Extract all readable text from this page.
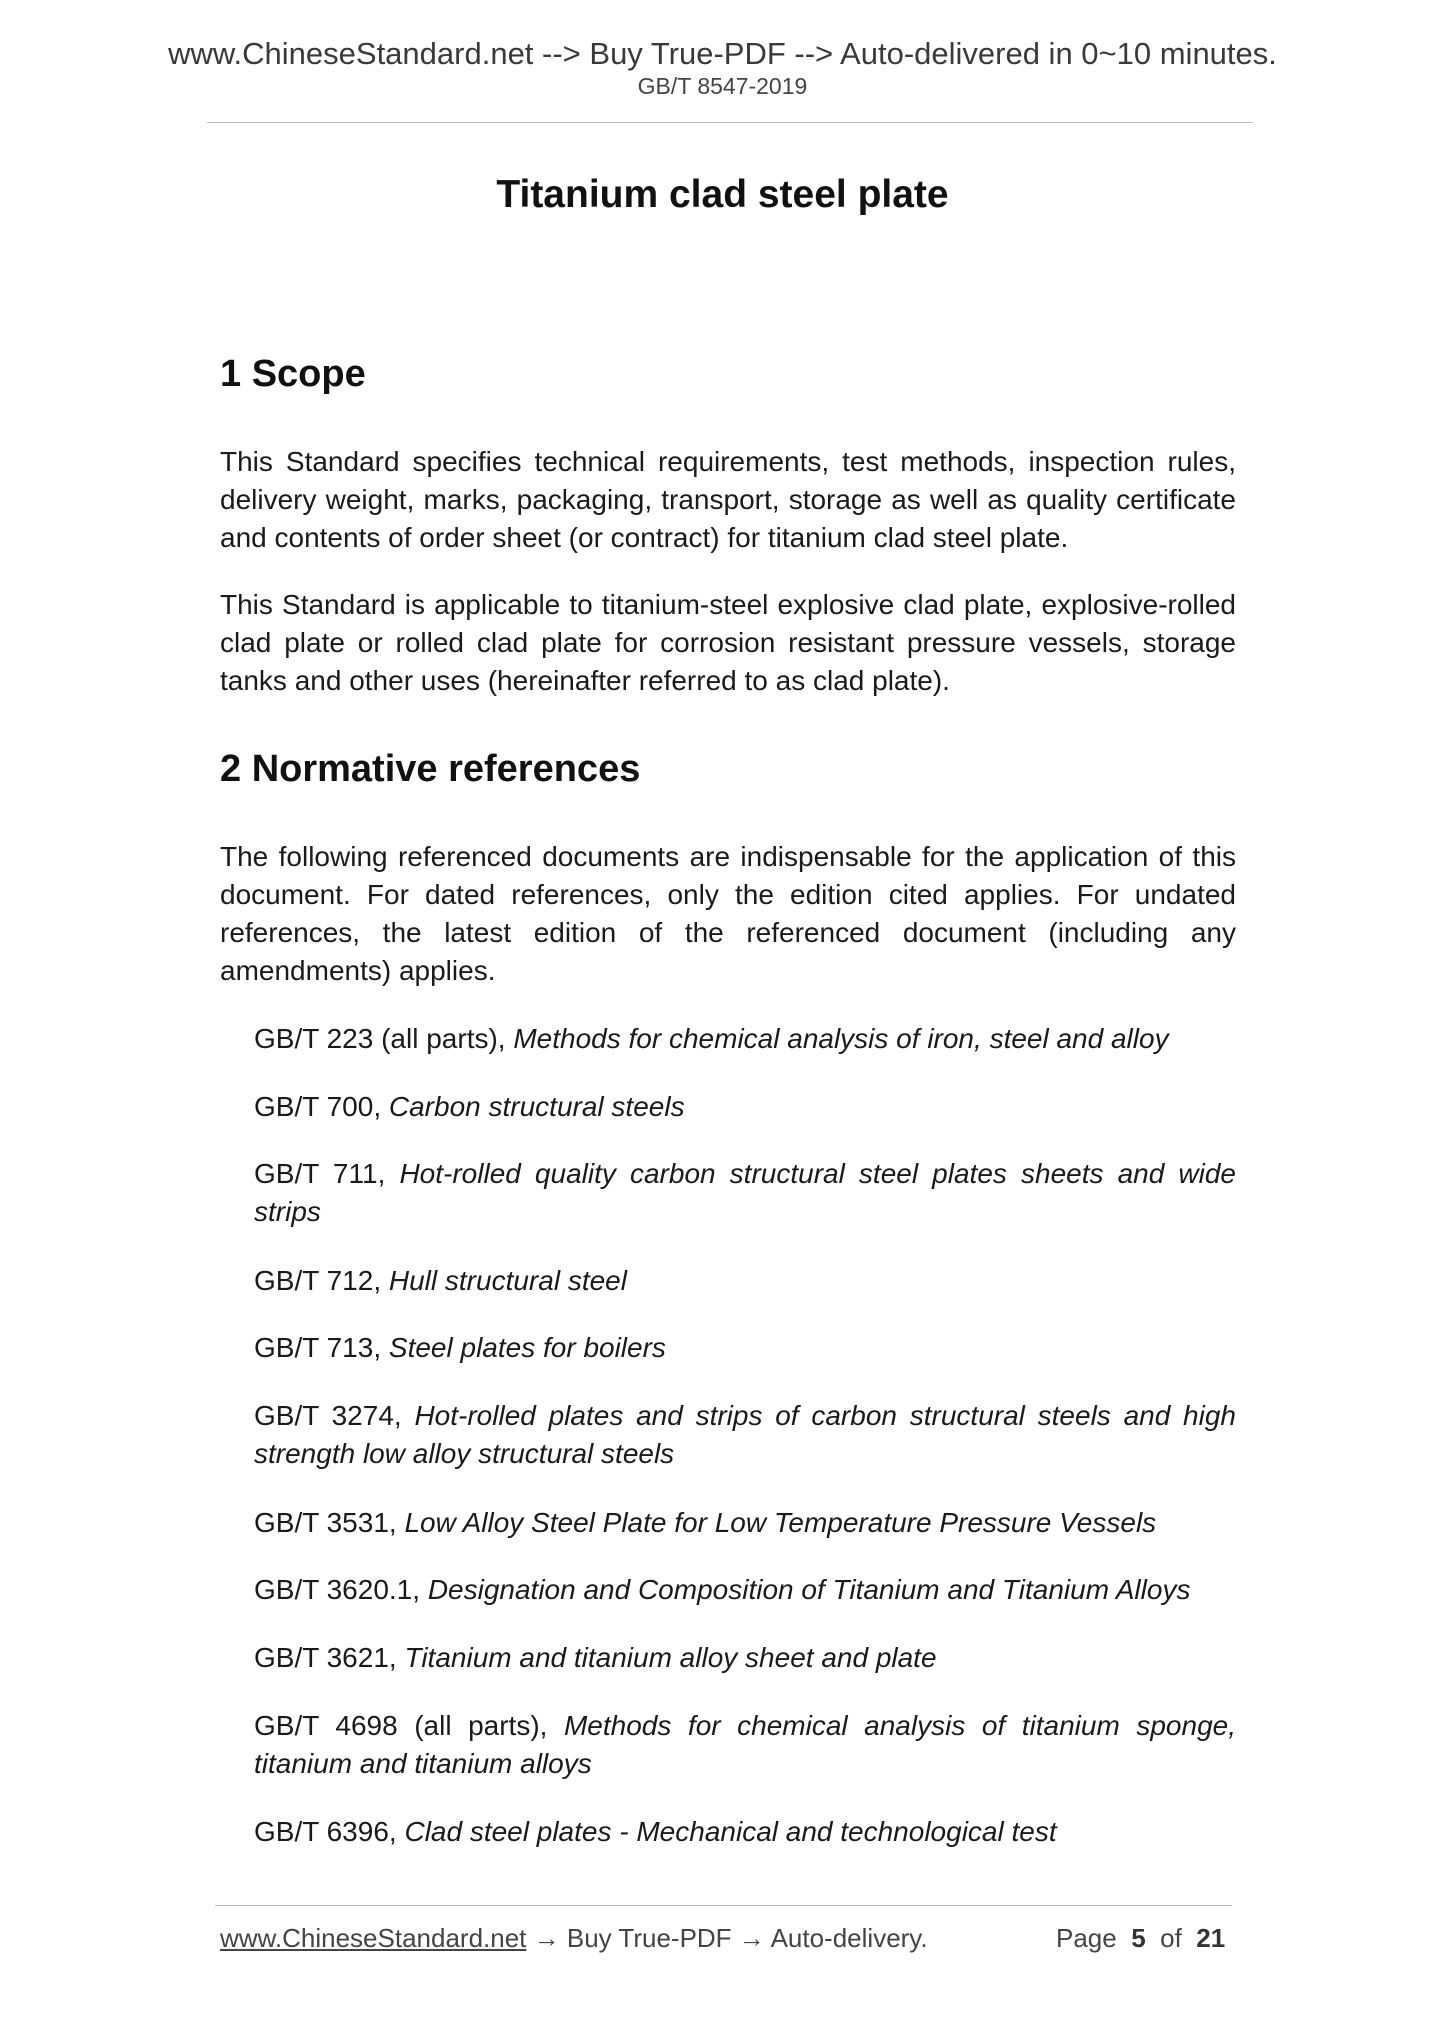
www.ChineseStandard.net --> Buy True-PDF --> Auto-delivered in 0~10 minutes.
GB/T 8547-2019
Titanium clad steel plate
1 Scope

This Standard specifies technical requirements, test methods, inspection rules, delivery weight, marks, packaging, transport, storage as well as quality certificate and contents of order sheet (or contract) for titanium clad steel plate.

This Standard is applicable to titanium-steel explosive clad plate, explosive-rolled clad plate or rolled clad plate for corrosion resistant pressure vessels, storage tanks and other uses (hereinafter referred to as clad plate).

2 Normative references

The following referenced documents are indispensable for the application of this document. For dated references, only the edition cited applies. For undated references, the latest edition of the referenced document (including any amendments) applies.

GB/T 223 (all parts), Methods for chemical analysis of iron, steel and alloy

GB/T 700, Carbon structural steels

GB/T 711, Hot-rolled quality carbon structural steel plates sheets and wide strips

GB/T 712, Hull structural steel

GB/T 713, Steel plates for boilers

GB/T 3274, Hot-rolled plates and strips of carbon structural steels and high strength low alloy structural steels

GB/T 3531, Low Alloy Steel Plate for Low Temperature Pressure Vessels

GB/T 3620.1, Designation and Composition of Titanium and Titanium Alloys

GB/T 3621, Titanium and titanium alloy sheet and plate

GB/T 4698 (all parts), Methods for chemical analysis of titanium sponge, titanium and titanium alloys

GB/T 6396, Clad steel plates - Mechanical and technological test

www.ChineseStandard.net → Buy True-PDF → Auto-delivery.	Page 5 of 21
